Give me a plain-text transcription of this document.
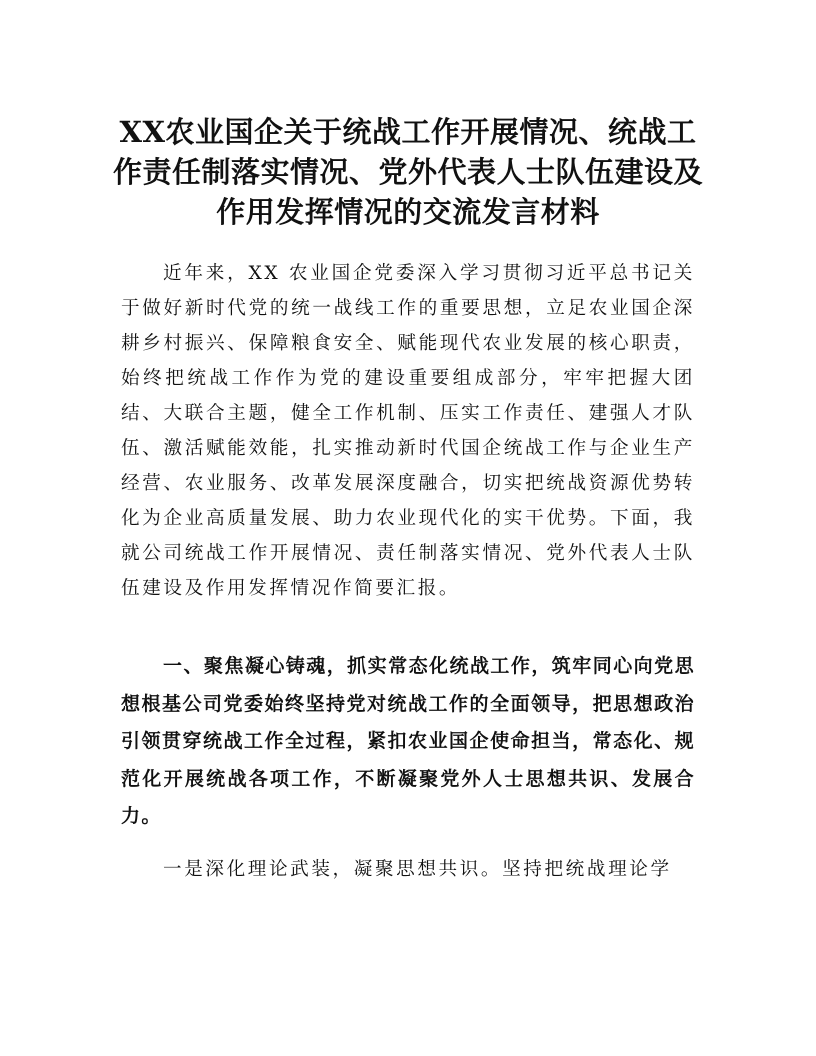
XX农业国企关于统战工作开展情况、统战工作责任制落实情况、党外代表人士队伍建设及作用发挥情况的交流发言材料

近年来，XX 农业国企党委深入学习贯彻习近平总书记关于做好新时代党的统一战线工作的重要思想，立足农业国企深耕乡村振兴、保障粮食安全、赋能现代农业发展的核心职责，始终把统战工作作为党的建设重要组成部分，牢牢把握大团结、大联合主题，健全工作机制、压实工作责任、建强人才队伍、激活赋能效能，扎实推动新时代国企统战工作与企业生产经营、农业服务、改革发展深度融合，切实把统战资源优势转化为企业高质量发展、助力农业现代化的实干优势。下面，我就公司统战工作开展情况、责任制落实情况、党外代表人士队伍建设及作用发挥情况作简要汇报。

一、聚焦凝心铸魂，抓实常态化统战工作，筑牢同心向党思想根基公司党委始终坚持党对统战工作的全面领导，把思想政治引领贯穿统战工作全过程，紧扣农业国企使命担当，常态化、规范化开展统战各项工作，不断凝聚党外人士思想共识、发展合力。

一是深化理论武装，凝聚思想共识。坚持把统战理论学
